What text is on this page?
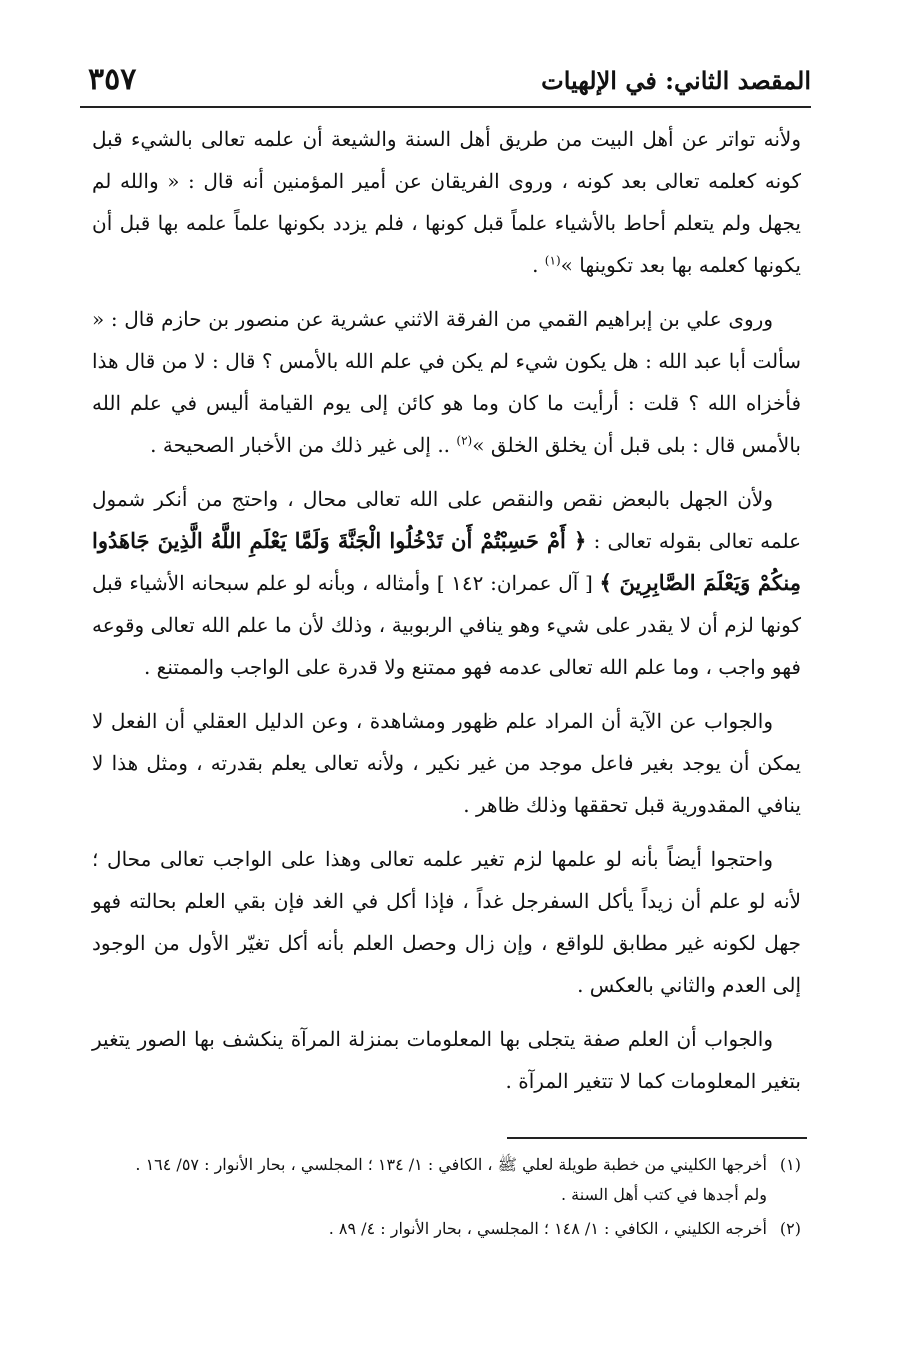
المقصد الثاني: في الإلهيات
٣٥٧

ولأنه تواتر عن أهل البيت من طريق أهل السنة والشيعة أن علمه تعالى بالشيء قبل كونه كعلمه تعالى بعد كونه ، وروى الفريقان عن أمير المؤمنين أنه قال : « والله لم يجهل ولم يتعلم أحاط بالأشياء علماً قبل كونها ، فلم يزدد بكونها علماً علمه بها قبل أن يكونها كعلمه بها بعد تكوينها »$^{(١)}$ .

وروى علي بن إبراهيم القمي من الفرقة الاثني عشرية عن منصور بن حازم قال : « سألت أبا عبد الله : هل يكون شيء لم يكن في علم الله بالأمس ؟ قال : لا من قال هذا فأخزاه الله ؟ قلت : أرأيت ما كان وما هو كائن إلى يوم القيامة أليس في علم الله بالأمس قال : بلى قبل أن يخلق الخلق »$^{(٢)}$ .. إلى غير ذلك من الأخبار الصحيحة .

ولأن الجهل بالبعض نقص والنقص على الله تعالى محال ، واحتج من أنكر شمول علمه تعالى بقوله تعالى : ﴿ أَمْ حَسِبْتُمْ أَن تَدْخُلُوا الْجَنَّةَ وَلَمَّا يَعْلَمِ اللَّهُ الَّذِينَ جَاهَدُوا مِنكُمْ وَيَعْلَمَ الصَّابِرِينَ ﴾ [ آل عمران: ١٤٢ ] وأمثاله ، وبأنه لو علم سبحانه الأشياء قبل كونها لزم أن لا يقدر على شيء وهو ينافي الربوبية ، وذلك لأن ما علم الله تعالى وقوعه فهو واجب ، وما علم الله تعالى عدمه فهو ممتنع ولا قدرة على الواجب والممتنع .

والجواب عن الآية أن المراد علم ظهور ومشاهدة ، وعن الدليل العقلي أن الفعل لا يمكن أن يوجد بغير فاعل موجد من غير نكير ، ولأنه تعالى يعلم بقدرته ، ومثل هذا لا ينافي المقدورية قبل تحققها وذلك ظاهر .

واحتجوا أيضاً بأنه لو علمها لزم تغير علمه تعالى وهذا على الواجب تعالى محال ؛ لأنه لو علم أن زيداً يأكل السفرجل غداً ، فإذا أكل في الغد فإن بقي العلم بحالته فهو جهل لكونه غير مطابق للواقع ، وإن زال وحصل العلم بأنه أكل تغيّر الأول من الوجود إلى العدم والثاني بالعكس .

والجواب أن العلم صفة يتجلى بها المعلومات بمنزلة المرآة ينكشف بها الصور يتغير بتغير المعلومات كما لا تتغير المرآة .

(١)
أخرجها الكليني من خطبة طويلة لعلي ﷺ ، الكافي : ١/ ١٣٤ ؛ المجلسي ، بحار الأنوار : ٥٧/ ١٦٤ .
ولم أجدها في كتب أهل السنة .
(٢)
أخرجه الكليني ، الكافي : ١/ ١٤٨ ؛ المجلسي ، بحار الأنوار : ٤/ ٨٩ .
